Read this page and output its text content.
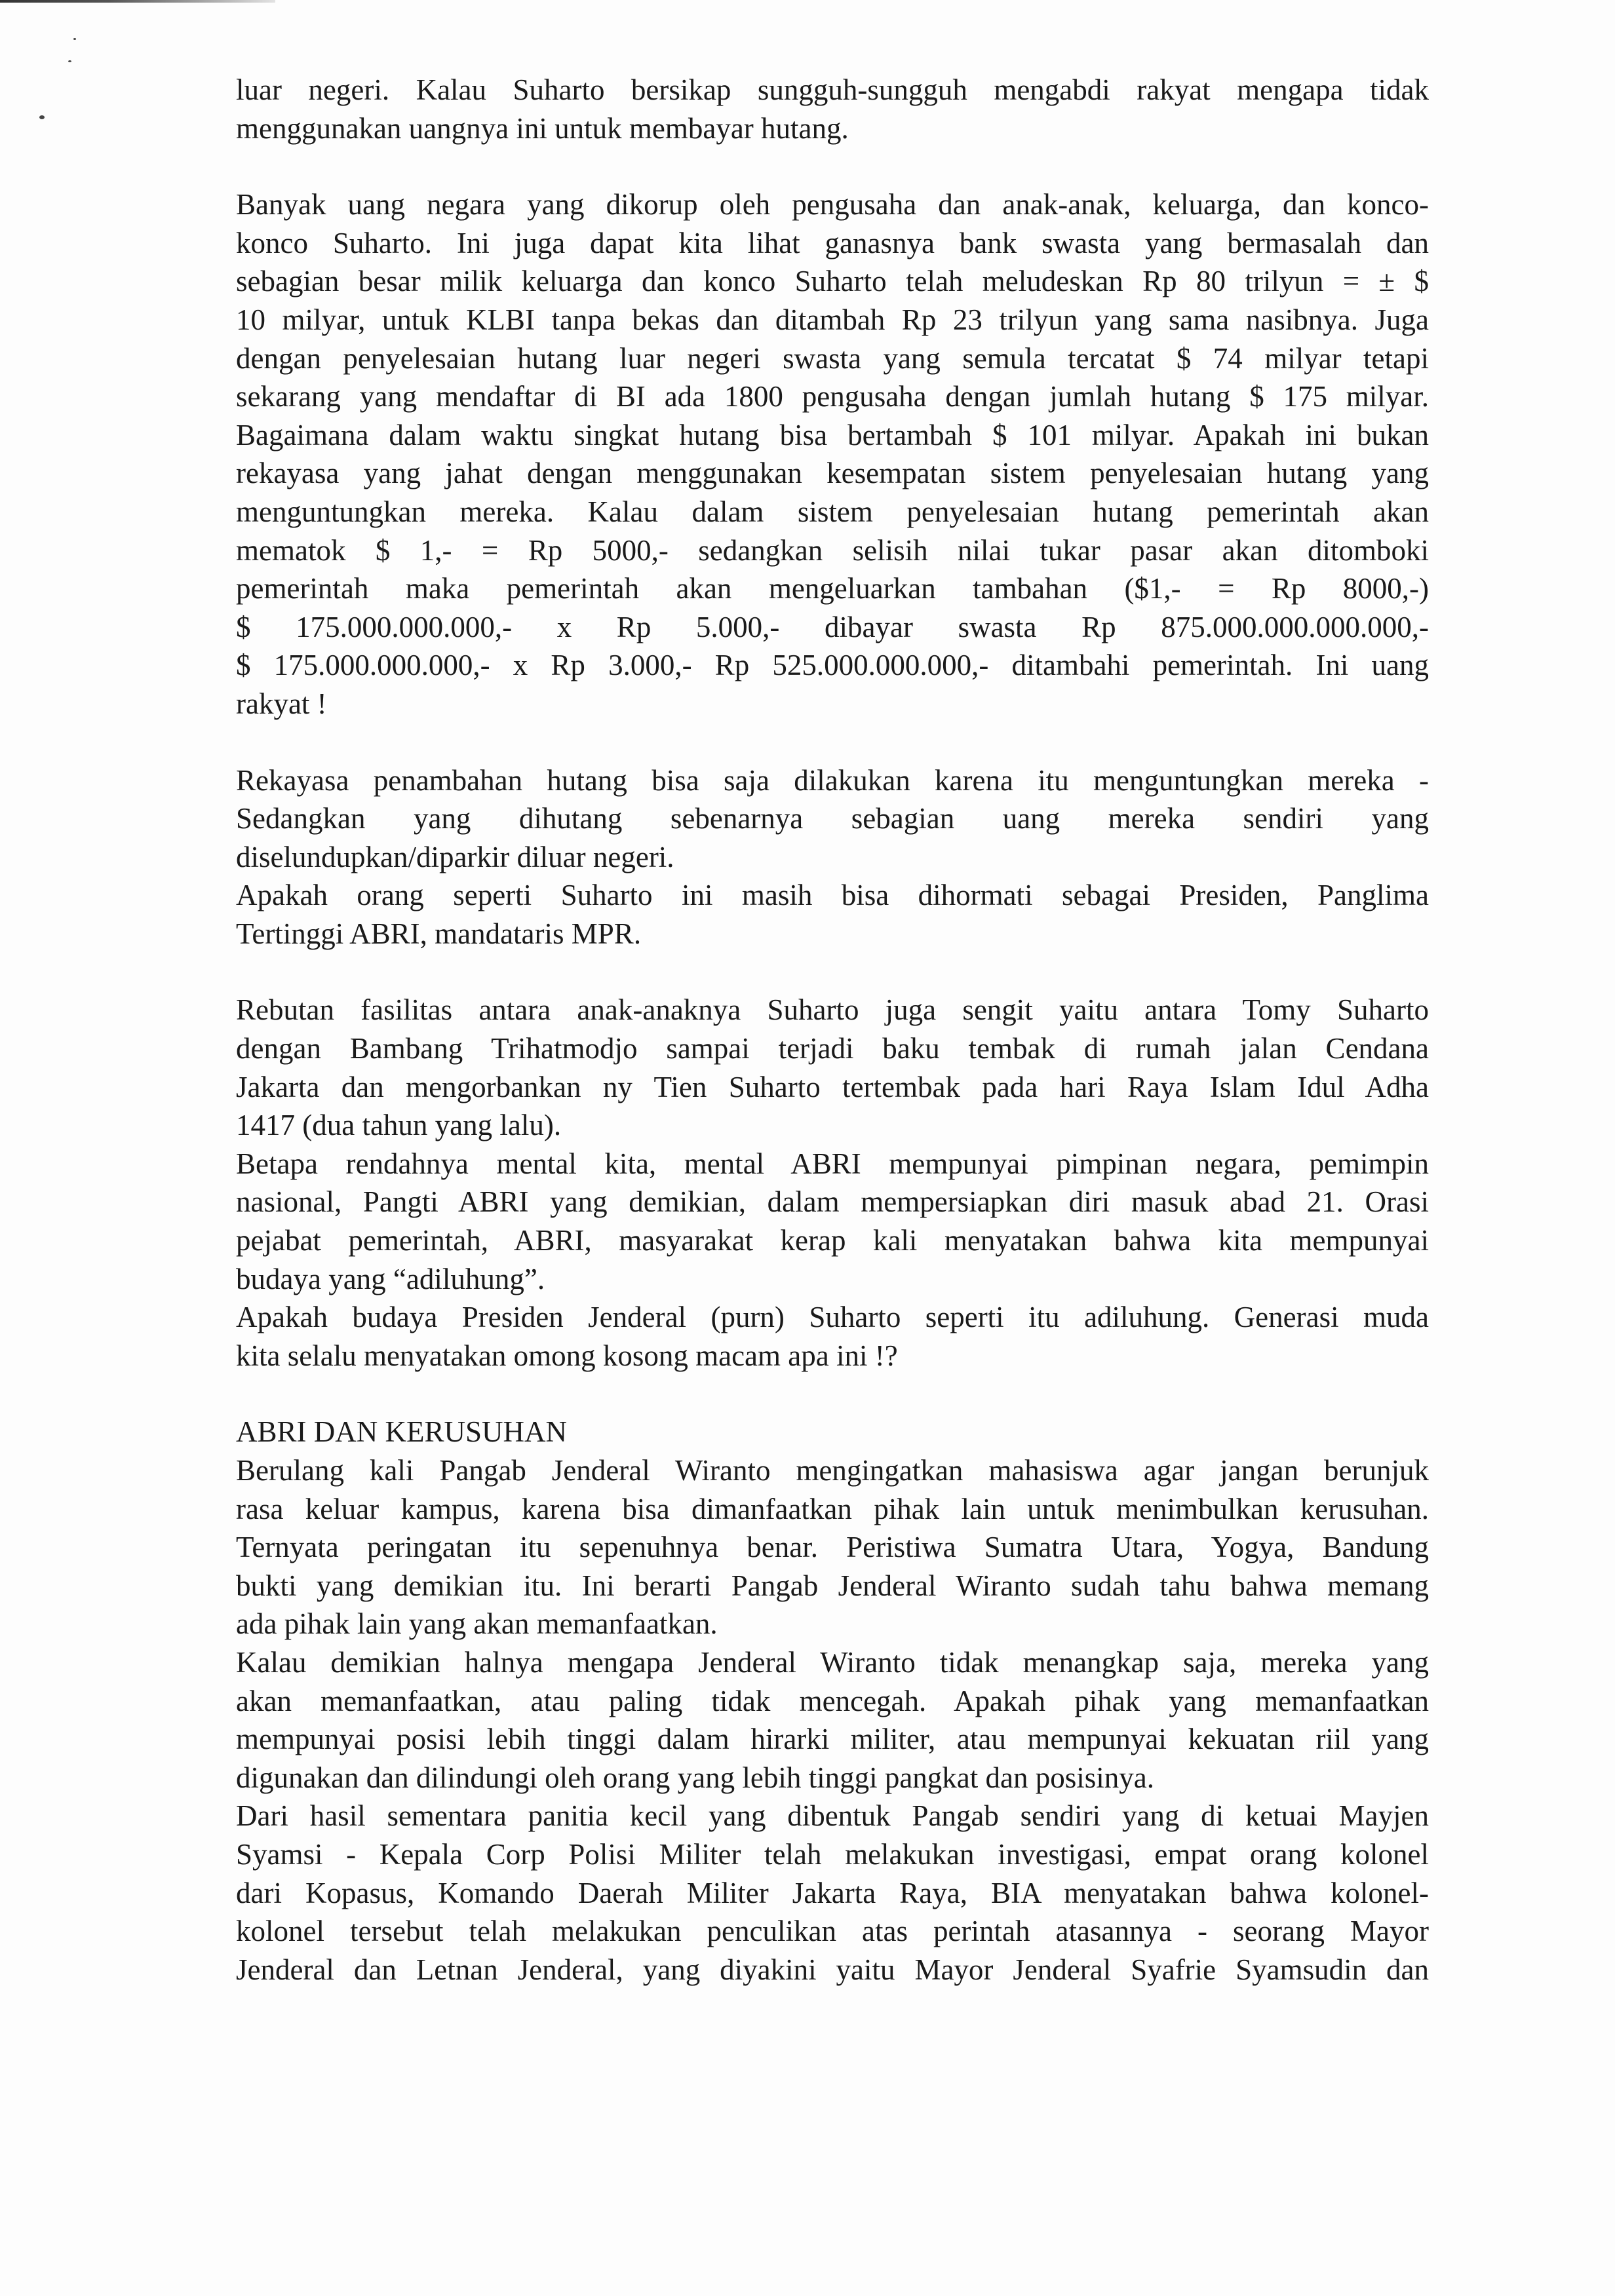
luar negeri. Kalau Suharto bersikap sungguh-sungguh mengabdi rakyat mengapa tidak
menggunakan uangnya ini untuk membayar hutang.
Banyak uang negara yang dikorup oleh pengusaha dan anak-anak, keluarga, dan konco-
konco Suharto. Ini juga dapat kita lihat ganasnya bank swasta yang bermasalah dan
sebagian besar milik keluarga dan konco Suharto telah meludeskan Rp 80 trilyun = ± $
10 milyar, untuk KLBI tanpa bekas dan ditambah Rp 23 trilyun yang sama nasibnya. Juga
dengan penyelesaian hutang luar negeri swasta yang semula tercatat $ 74 milyar tetapi
sekarang yang mendaftar di BI ada 1800 pengusaha dengan jumlah hutang $ 175 milyar.
Bagaimana dalam waktu singkat hutang bisa bertambah $ 101 milyar. Apakah ini bukan
rekayasa yang jahat dengan menggunakan kesempatan sistem penyelesaian hutang yang
menguntungkan mereka. Kalau dalam sistem penyelesaian hutang pemerintah akan
mematok $ 1,- = Rp 5000,- sedangkan selisih nilai tukar pasar akan ditomboki
pemerintah maka pemerintah akan mengeluarkan tambahan ($1,- = Rp 8000,-)
$ 175.000.000.000,- x Rp 5.000,- dibayar swasta Rp 875.000.000.000.000,-
$ 175.000.000.000,- x Rp 3.000,- Rp 525.000.000.000,- ditambahi pemerintah. Ini uang
rakyat !
Rekayasa penambahan hutang bisa saja dilakukan karena itu menguntungkan mereka -
Sedangkan yang dihutang sebenarnya sebagian uang mereka sendiri yang
diselundupkan/diparkir diluar negeri.
Apakah orang seperti Suharto ini masih bisa dihormati sebagai Presiden, Panglima
Tertinggi ABRI, mandataris MPR.
Rebutan fasilitas antara anak-anaknya Suharto juga sengit yaitu antara Tomy Suharto
dengan Bambang Trihatmodjo sampai terjadi baku tembak di rumah jalan Cendana
Jakarta dan mengorbankan ny Tien Suharto tertembak pada hari Raya Islam Idul Adha
1417 (dua tahun yang lalu).
Betapa rendahnya mental kita, mental ABRI mempunyai pimpinan negara, pemimpin
nasional, Pangti ABRI yang demikian, dalam mempersiapkan diri masuk abad 21. Orasi
pejabat pemerintah, ABRI, masyarakat kerap kali menyatakan bahwa kita mempunyai
budaya yang “adiluhung”.
Apakah budaya Presiden Jenderal (purn) Suharto seperti itu adiluhung. Generasi muda
kita selalu menyatakan omong kosong macam apa ini !?
ABRI DAN KERUSUHAN
Berulang kali Pangab Jenderal Wiranto mengingatkan mahasiswa agar jangan berunjuk
rasa keluar kampus, karena bisa dimanfaatkan pihak lain untuk menimbulkan kerusuhan.
Ternyata peringatan itu sepenuhnya benar. Peristiwa Sumatra Utara, Yogya, Bandung
bukti yang demikian itu. Ini berarti Pangab Jenderal Wiranto sudah tahu bahwa memang
ada pihak lain yang akan memanfaatkan.
Kalau demikian halnya mengapa Jenderal Wiranto tidak menangkap saja, mereka yang
akan memanfaatkan, atau paling tidak mencegah. Apakah pihak yang memanfaatkan
mempunyai posisi lebih tinggi dalam hirarki militer, atau mempunyai kekuatan riil yang
digunakan dan dilindungi oleh orang yang lebih tinggi pangkat dan posisinya.
Dari hasil sementara panitia kecil yang dibentuk Pangab sendiri yang di ketuai Mayjen
Syamsi - Kepala Corp Polisi Militer telah melakukan investigasi, empat orang kolonel
dari Kopasus, Komando Daerah Militer Jakarta Raya, BIA menyatakan bahwa kolonel-
kolonel tersebut telah melakukan penculikan atas perintah atasannya - seorang Mayor
Jenderal dan Letnan Jenderal, yang diyakini yaitu Mayor Jenderal Syafrie Syamsudin dan
